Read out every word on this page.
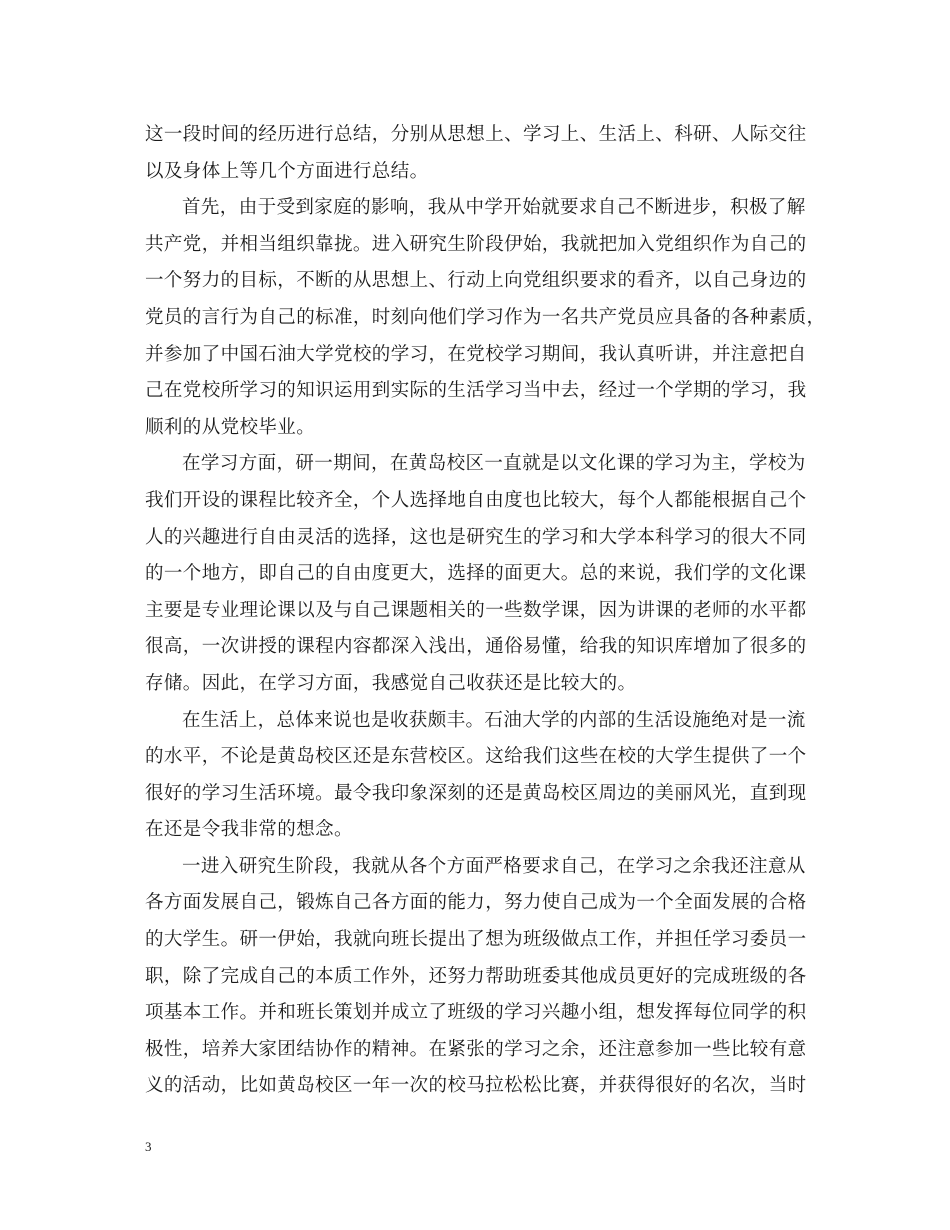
这一段时间的经历进行总结，分别从思想上、学习上、生活上、科研、人际交往
以及身体上等几个方面进行总结。
首先，由于受到家庭的影响，我从中学开始就要求自己不断进步，积极了解
共产党，并相当组织靠拢。进入研究生阶段伊始，我就把加入党组织作为自己的
一个努力的目标，不断的从思想上、行动上向党组织要求的看齐，以自己身边的
党员的言行为自己的标准，时刻向他们学习作为一名共产党员应具备的各种素质，
并参加了中国石油大学党校的学习，在党校学习期间，我认真听讲，并注意把自
己在党校所学习的知识运用到实际的生活学习当中去，经过一个学期的学习，我
顺利的从党校毕业。
在学习方面，研一期间，在黄岛校区一直就是以文化课的学习为主，学校为
我们开设的课程比较齐全，个人选择地自由度也比较大，每个人都能根据自己个
人的兴趣进行自由灵活的选择，这也是研究生的学习和大学本科学习的很大不同
的一个地方，即自己的自由度更大，选择的面更大。总的来说，我们学的文化课
主要是专业理论课以及与自己课题相关的一些数学课，因为讲课的老师的水平都
很高，一次讲授的课程内容都深入浅出，通俗易懂，给我的知识库增加了很多的
存储。因此，在学习方面，我感觉自己收获还是比较大的。
在生活上，总体来说也是收获颇丰。石油大学的内部的生活设施绝对是一流
的水平，不论是黄岛校区还是东营校区。这给我们这些在校的大学生提供了一个
很好的学习生活环境。最令我印象深刻的还是黄岛校区周边的美丽风光，直到现
在还是令我非常的想念。
一进入研究生阶段，我就从各个方面严格要求自己，在学习之余我还注意从
各方面发展自己，锻炼自己各方面的能力，努力使自己成为一个全面发展的合格
的大学生。研一伊始，我就向班长提出了想为班级做点工作，并担任学习委员一
职，除了完成自己的本质工作外，还努力帮助班委其他成员更好的完成班级的各
项基本工作。并和班长策划并成立了班级的学习兴趣小组，想发挥每位同学的积
极性，培养大家团结协作的精神。在紧张的学习之余，还注意参加一些比较有意
义的活动，比如黄岛校区一年一次的校马拉松松比赛，并获得很好的名次，当时
3
